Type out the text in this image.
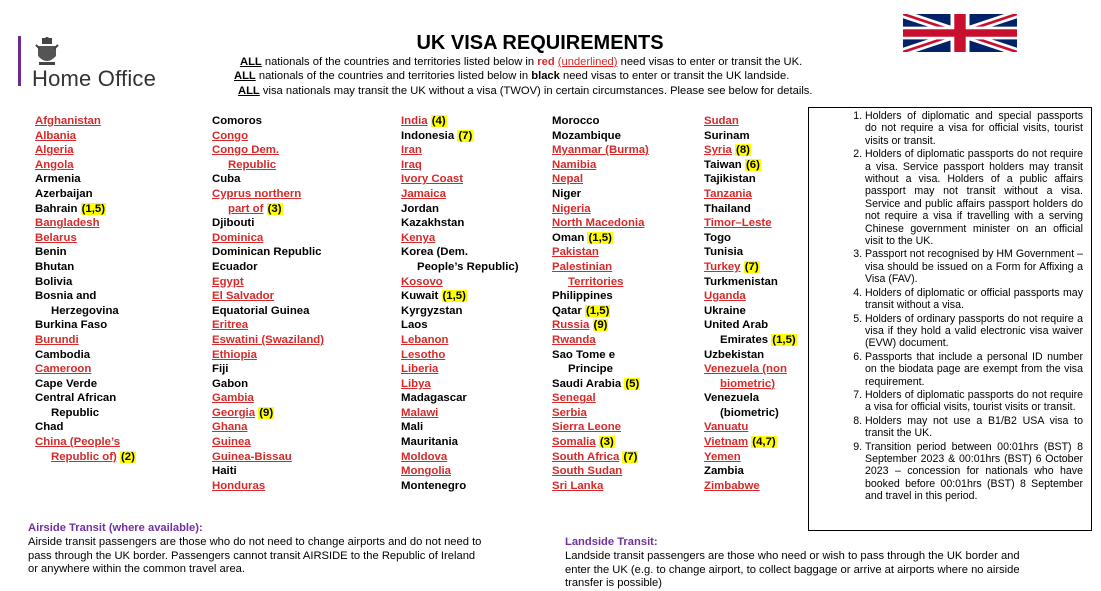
Home Office
UK VISA REQUIREMENTS
ALL nationals of the countries and territories listed below in red (underlined) need visas to enter or transit the UK.
ALL nationals of the countries and territories listed below in black need visas to enter or transit the UK landside.
ALL visa nationals may transit the UK without a visa (TWOV) in certain circumstances. Please see below for details.
Afghanistan
Albania
Algeria
Angola
Armenia
Azerbaijan
Bahrain (1,5)
Bangladesh
Belarus
Benin
Bhutan
Bolivia
Bosnia and
Herzegovina
Burkina Faso
Burundi
Cambodia
Cameroon
Cape Verde
Central African
Republic
Chad
China (People’s
Republic of) (2)
Comoros
Congo
Congo Dem.
Republic
Cuba
Cyprus northern
part of (3)
Djibouti
Dominica
Dominican Republic
Ecuador
Egypt
El Salvador
Equatorial Guinea
Eritrea
Eswatini (Swaziland)
Ethiopia
Fiji
Gabon
Gambia
Georgia (9)
Ghana
Guinea
Guinea-Bissau
Haiti
Honduras
India (4)
Indonesia (7)
Iran
Iraq
Ivory Coast
Jamaica
Jordan
Kazakhstan
Kenya
Korea (Dem.
People’s Republic)
Kosovo
Kuwait (1,5)
Kyrgyzstan
Laos
Lebanon
Lesotho
Liberia
Libya
Madagascar
Malawi
Mali
Mauritania
Moldova
Mongolia
Montenegro
Morocco
Mozambique
Myanmar (Burma)
Namibia
Nepal
Niger
Nigeria
North Macedonia
Oman (1,5)
Pakistan
Palestinian
Territories
Philippines
Qatar (1,5)
Russia (9)
Rwanda
Sao Tome e
Principe
Saudi Arabia (5)
Senegal
Serbia
Sierra Leone
Somalia (3)
South Africa (7)
South Sudan
Sri Lanka
Sudan
Surinam
Syria (8)
Taiwan (6)
Tajikistan
Tanzania
Thailand
Timor–Leste
Togo
Tunisia
Turkey (7)
Turkmenistan
Uganda
Ukraine
United Arab
Emirates (1,5)
Uzbekistan
Venezuela (non
biometric)
Venezuela
(biometric)
Vanuatu
Vietnam (4,7)
Yemen
Zambia
Zimbabwe
1. Holders of diplomatic and special passports do not require a visa for official visits, tourist visits or transit.
2. Holders of diplomatic passports do not require a visa. Service passport holders may transit without a visa. Holders of a public affairs passport may not transit without a visa. Service and public affairs passport holders do not require a visa if travelling with a serving Chinese government minister on an official visit to the UK.
3. Passport not recognised by HM Government – visa should be issued on a Form for Affixing a Visa (FAV).
4. Holders of diplomatic or official passports may transit without a visa.
5. Holders of ordinary passports do not require a visa if they hold a valid electronic visa waiver (EVW) document.
6. Passports that include a personal ID number on the biodata page are exempt from the visa requirement.
7. Holders of diplomatic passports do not require a visa for official visits, tourist visits or transit.
8. Holders may not use a B1/B2 USA visa to transit the UK.
9. Transition period between 00:01hrs (BST) 8 September 2023 & 00:01hrs (BST) 6 October 2023 – concession for nationals who have booked before 00:01hrs (BST) 8 September and travel in this period.
Airside Transit (where available):
Airside transit passengers are those who do not need to change airports and do not need to
pass through the UK border. Passengers cannot transit AIRSIDE to the Republic of Ireland
or anywhere within the common travel area.
Landside Transit:
Landside transit passengers are those who need or wish to pass through the UK border and
enter the UK (e.g. to change airport, to collect baggage or arrive at airports where no airside
transfer is possible)
